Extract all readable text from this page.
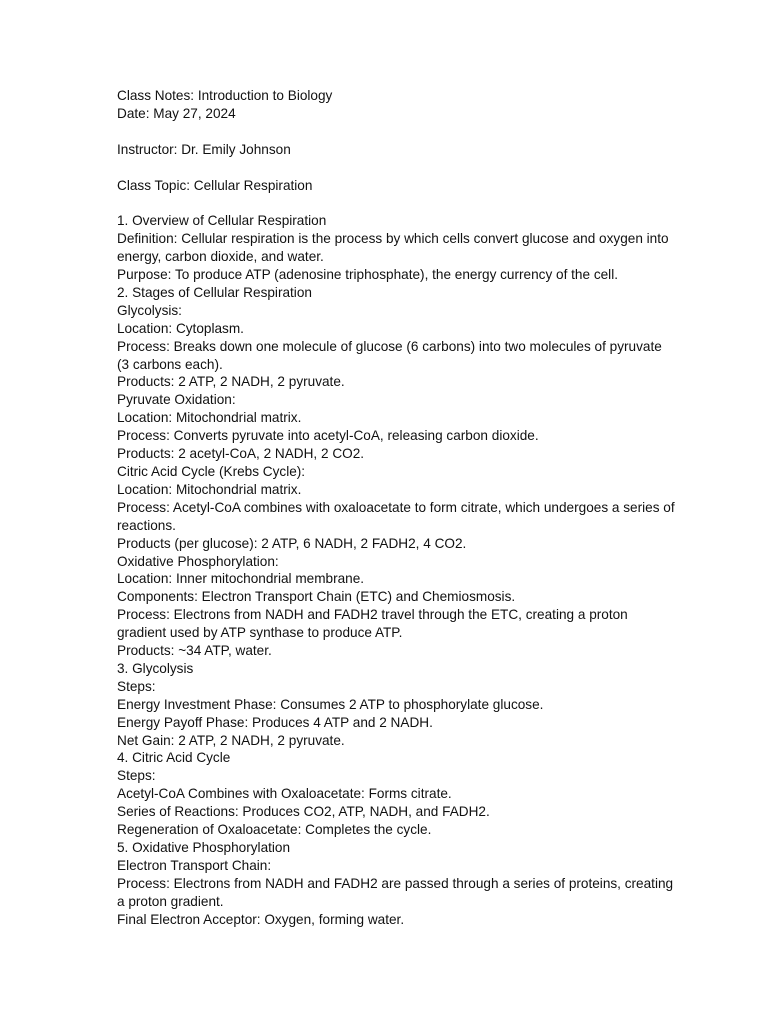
Class Notes: Introduction to Biology

Date: May 27, 2024

Instructor: Dr. Emily Johnson

Class Topic: Cellular Respiration

1. Overview of Cellular Respiration

Definition: Cellular respiration is the process by which cells convert glucose and oxygen into energy, carbon dioxide, and water.

Purpose: To produce ATP (adenosine triphosphate), the energy currency of the cell.

2. Stages of Cellular Respiration

Glycolysis:

Location: Cytoplasm.

Process: Breaks down one molecule of glucose (6 carbons) into two molecules of pyruvate (3 carbons each).

Products: 2 ATP, 2 NADH, 2 pyruvate.

Pyruvate Oxidation:

Location: Mitochondrial matrix.

Process: Converts pyruvate into acetyl-CoA, releasing carbon dioxide.

Products: 2 acetyl-CoA, 2 NADH, 2 CO2.

Citric Acid Cycle (Krebs Cycle):

Location: Mitochondrial matrix.

Process: Acetyl-CoA combines with oxaloacetate to form citrate, which undergoes a series of reactions.

Products (per glucose): 2 ATP, 6 NADH, 2 FADH2, 4 CO2.

Oxidative Phosphorylation:

Location: Inner mitochondrial membrane.

Components: Electron Transport Chain (ETC) and Chemiosmosis.

Process: Electrons from NADH and FADH2 travel through the ETC, creating a proton gradient used by ATP synthase to produce ATP.

Products: ~34 ATP, water.

3. Glycolysis

Steps:

Energy Investment Phase: Consumes 2 ATP to phosphorylate glucose.

Energy Payoff Phase: Produces 4 ATP and 2 NADH.

Net Gain: 2 ATP, 2 NADH, 2 pyruvate.

4. Citric Acid Cycle

Steps:

Acetyl-CoA Combines with Oxaloacetate: Forms citrate.

Series of Reactions: Produces CO2, ATP, NADH, and FADH2.

Regeneration of Oxaloacetate: Completes the cycle.

5. Oxidative Phosphorylation

Electron Transport Chain:

Process: Electrons from NADH and FADH2 are passed through a series of proteins, creating a proton gradient.

Final Electron Acceptor: Oxygen, forming water.
